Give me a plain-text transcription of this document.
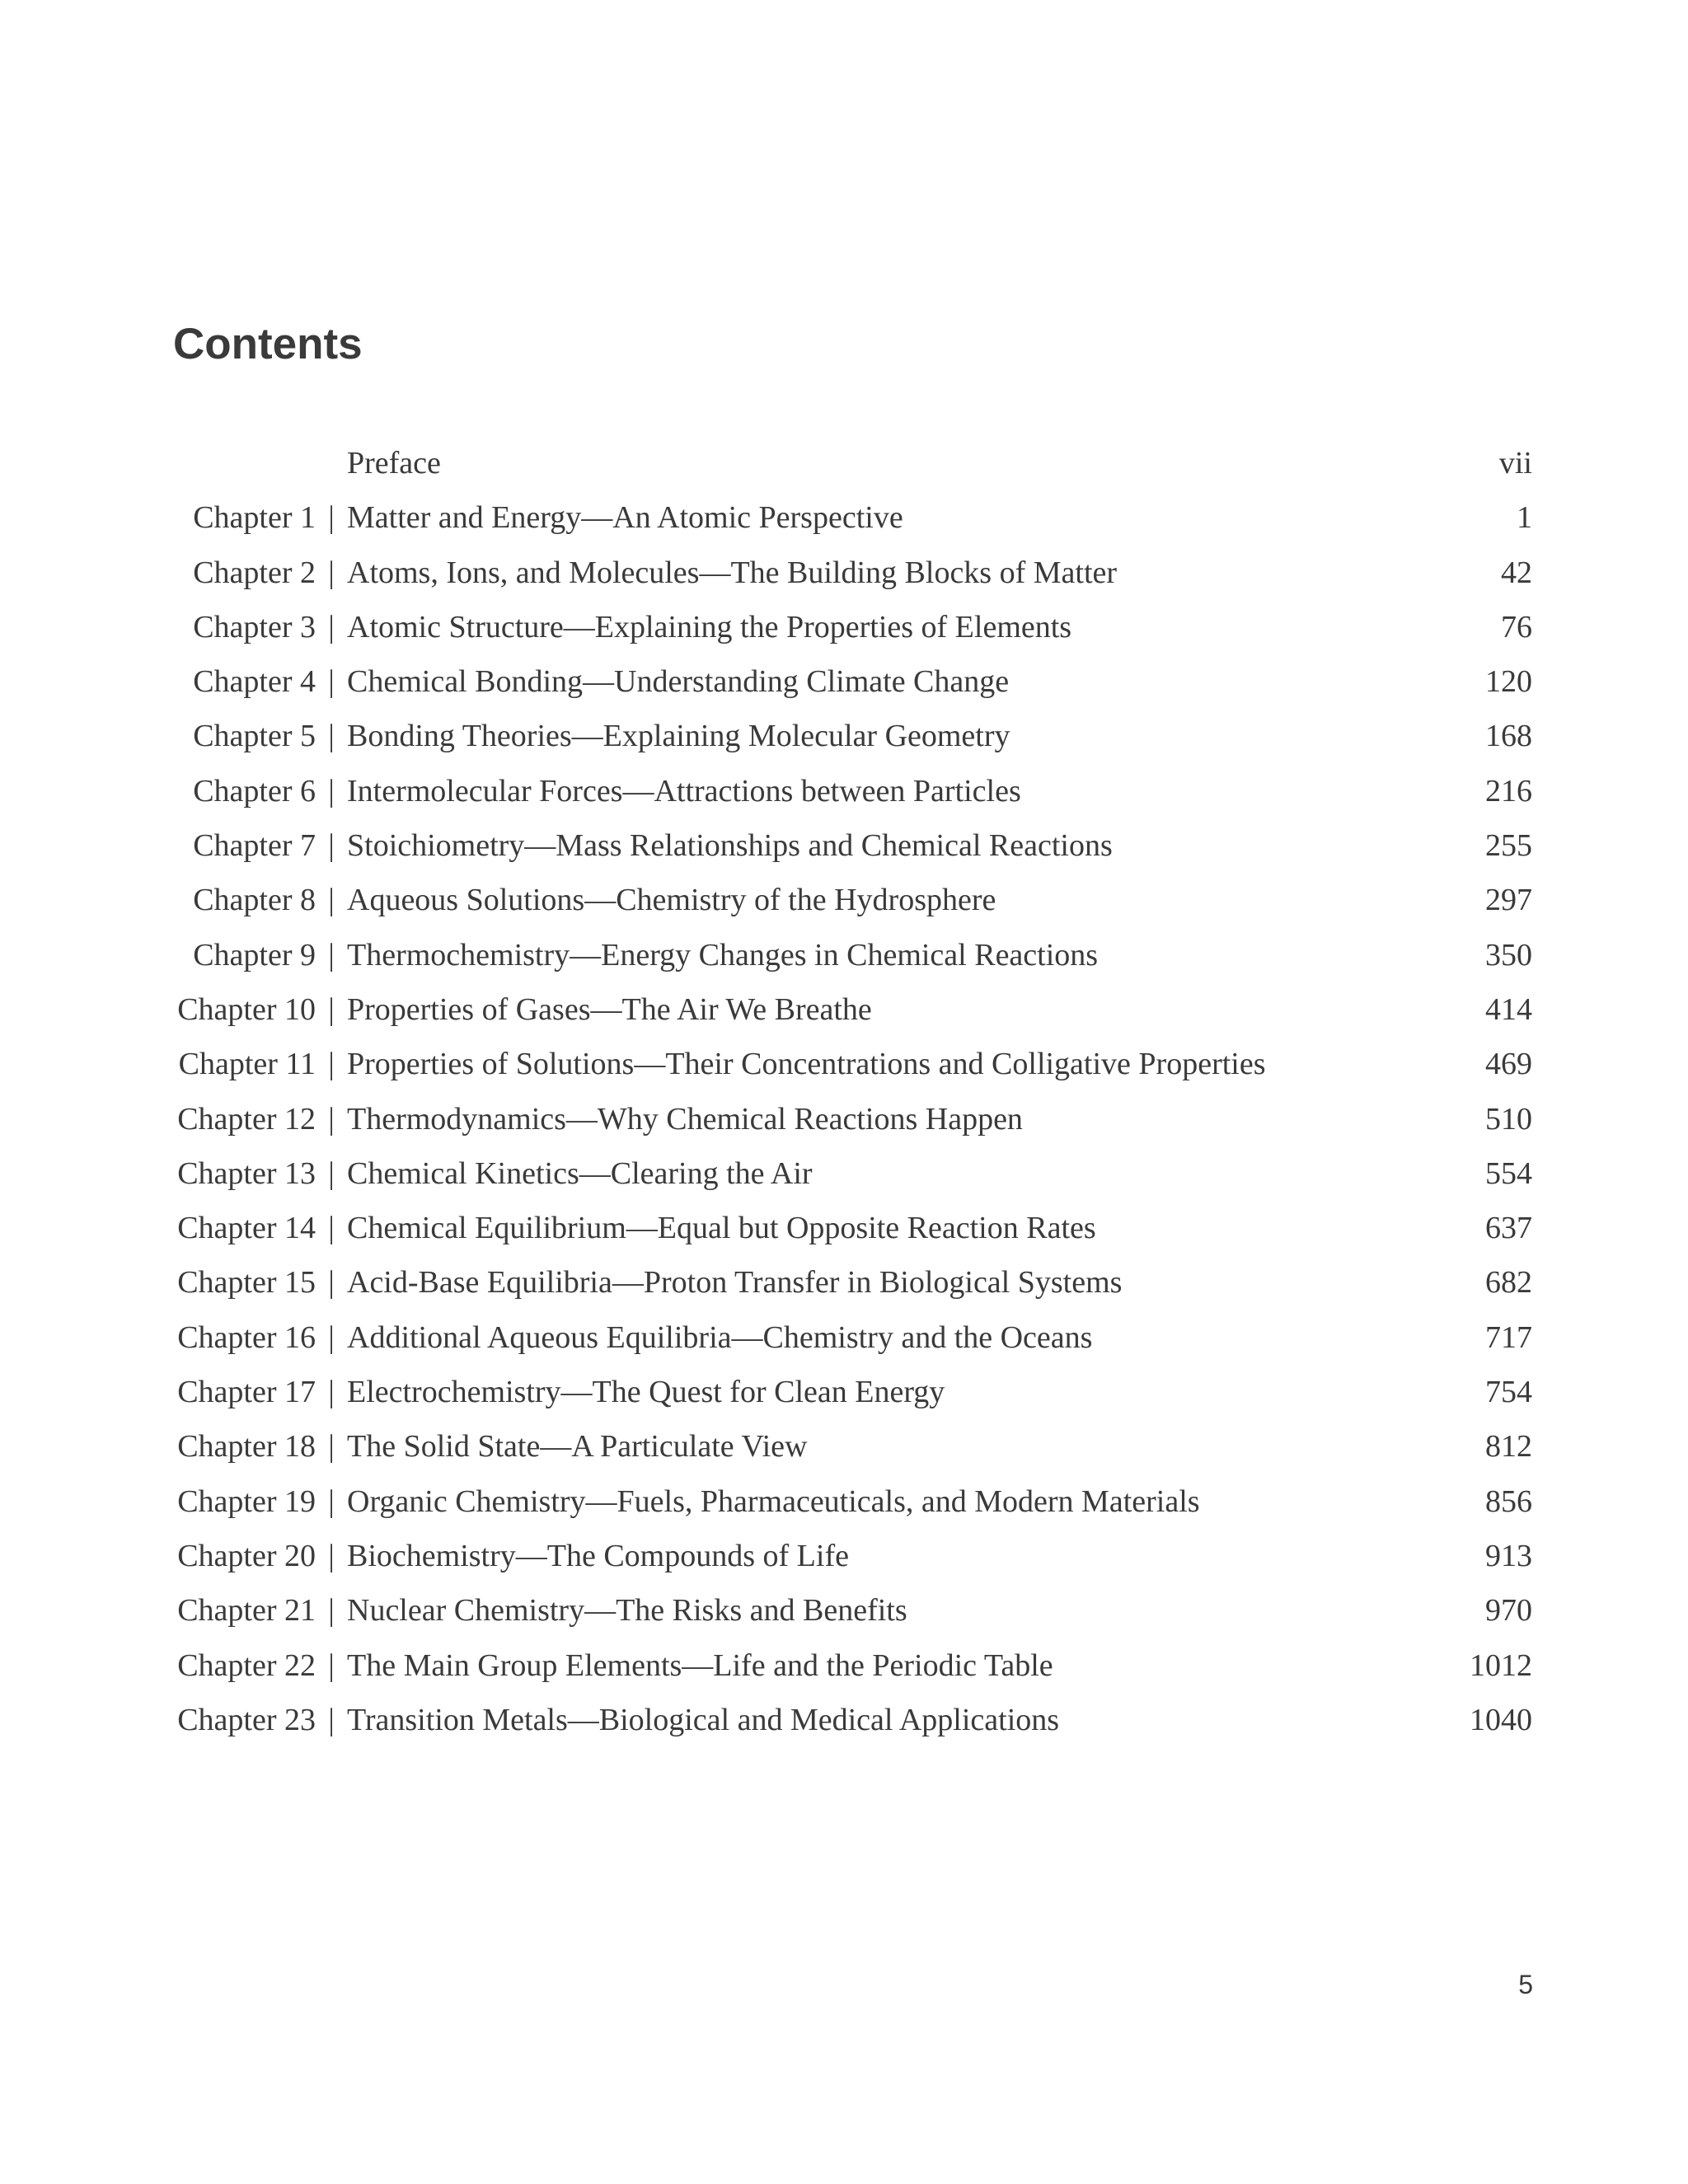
Contents
Preface	vii
Chapter 1 | Matter and Energy—An Atomic Perspective	1
Chapter 2 | Atoms, Ions, and Molecules—The Building Blocks of Matter	42
Chapter 3 | Atomic Structure—Explaining the Properties of Elements	76
Chapter 4 | Chemical Bonding—Understanding Climate Change	120
Chapter 5 | Bonding Theories—Explaining Molecular Geometry	168
Chapter 6 | Intermolecular Forces—Attractions between Particles	216
Chapter 7 | Stoichiometry—Mass Relationships and Chemical Reactions	255
Chapter 8 | Aqueous Solutions—Chemistry of the Hydrosphere	297
Chapter 9 | Thermochemistry—Energy Changes in Chemical Reactions	350
Chapter 10 | Properties of Gases—The Air We Breathe	414
Chapter 11 | Properties of Solutions—Their Concentrations and Colligative Properties	469
Chapter 12 | Thermodynamics—Why Chemical Reactions Happen	510
Chapter 13 | Chemical Kinetics—Clearing the Air	554
Chapter 14 | Chemical Equilibrium—Equal but Opposite Reaction Rates	637
Chapter 15 | Acid-Base Equilibria—Proton Transfer in Biological Systems	682
Chapter 16 | Additional Aqueous Equilibria—Chemistry and the Oceans	717
Chapter 17 | Electrochemistry—The Quest for Clean Energy	754
Chapter 18 | The Solid State—A Particulate View	812
Chapter 19 | Organic Chemistry—Fuels, Pharmaceuticals, and Modern Materials	856
Chapter 20 | Biochemistry—The Compounds of Life	913
Chapter 21 | Nuclear Chemistry—The Risks and Benefits	970
Chapter 22 | The Main Group Elements—Life and the Periodic Table	1012
Chapter 23 | Transition Metals—Biological and Medical Applications	1040
5
